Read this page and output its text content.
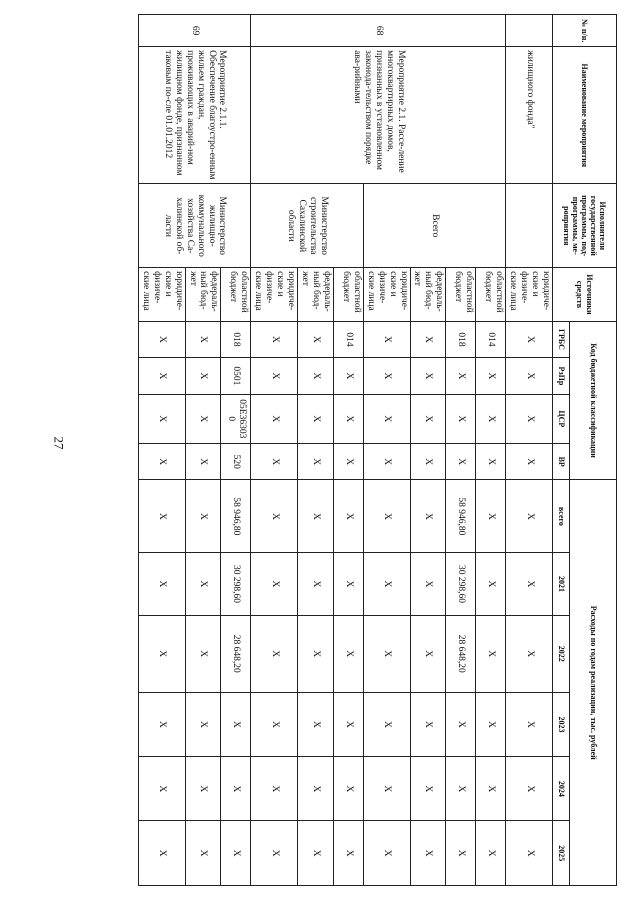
27
№ п/н.	Наименование мероприятия	Исполнители государственной программы, под-программы, ме-роприятия	Источники средств	Код бюджетной классификации				Расходы по годам реализации, тыс. рублей					
				ГРБС	РзПр	ЦСР	ВР	всего	2021	2022	2023	2024	2025
	жилищного фонда"		юридиче-ские и физиче-ские лица	Х	Х	Х	Х	Х	Х	Х	Х	Х	Х
68	Мероприятие 2.1. Рассе-ление многоквартирных домов, признанных в установленном законода-тельством порядке ава-рийными	Всего	областной бюджет	014	Х	Х	Х	Х	Х	Х	Х	Х	Х
			областной бюджет	018	Х	Х	Х	58 946,80	30 298,60	28 648,20	Х	Х	Х
			федераль-ный бюд-жет	Х	Х	Х	Х	Х	Х	Х	Х	Х	Х
			юридиче-ские и физиче-ские лица	Х	Х	Х	Х	Х	Х	Х	Х	Х	Х
		Министерство строительства Сахалинской области	областной бюджет	014	Х	Х	Х	Х	Х	Х	Х	Х	Х
			федераль-ный бюд-жет	Х	Х	Х	Х	Х	Х	Х	Х	Х	Х
			юридиче-ские и физиче-ские лица	Х	Х	Х	Х	Х	Х	Х	Х	Х	Х
69	Мероприятие 2.1.1. Обеспечение благоустро-енным жильем граждан, проживающих в аварий-ном жилищном фонде, признанном таковым по-сле 01.01.2012	Министерство жилищно-коммунального хозяйства Са-халинской об-ласти	областной бюджет	018	0501	05Е36303 0	520	58 946,80	30 298,60	28 648,20	Х	Х	Х
			федераль-ный бюд-жет	Х	Х	Х	Х	Х	Х	Х	Х	Х	Х
			юридиче-ские и физиче-ские лица	Х	Х	Х	Х	Х	Х	Х	Х	Х	Х
